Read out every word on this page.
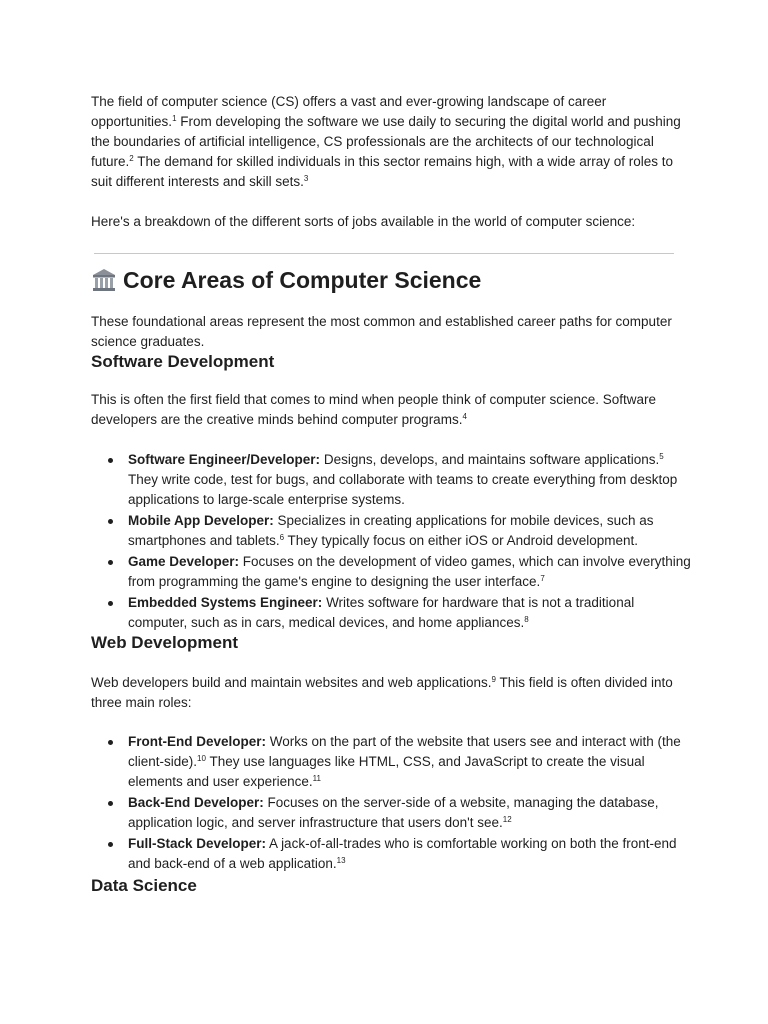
The field of computer science (CS) offers a vast and ever-growing landscape of career opportunities.$^1$ From developing the software we use daily to securing the digital world and pushing the boundaries of artificial intelligence, CS professionals are the architects of our technological future.$^2$ The demand for skilled individuals in this sector remains high, with a wide array of roles to suit different interests and skill sets.$^3$

Here's a breakdown of the different sorts of jobs available in the world of computer science:

Core Areas of Computer Science

These foundational areas represent the most common and established career paths for computer science graduates.

Software Development

This is often the first field that comes to mind when people think of computer science. Software developers are the creative minds behind computer programs.$^4$

Software Engineer/Developer: Designs, develops, and maintains software applications.$^5$ They write code, test for bugs, and collaborate with teams to create everything from desktop applications to large-scale enterprise systems.
Mobile App Developer: Specializes in creating applications for mobile devices, such as smartphones and tablets.$^6$ They typically focus on either iOS or Android development.
Game Developer: Focuses on the development of video games, which can involve everything from programming the game's engine to designing the user interface.$^7$
Embedded Systems Engineer: Writes software for hardware that is not a traditional computer, such as in cars, medical devices, and home appliances.$^8$
Web Development

Web developers build and maintain websites and web applications.$^9$ This field is often divided into three main roles:

Front-End Developer: Works on the part of the website that users see and interact with (the client-side).$^{10}$ They use languages like HTML, CSS, and JavaScript to create the visual elements and user experience.$^{11}$
Back-End Developer: Focuses on the server-side of a website, managing the database, application logic, and server infrastructure that users don't see.$^{12}$
Full-Stack Developer: A jack-of-all-trades who is comfortable working on both the front-end and back-end of a web application.$^{13}$
Data Science
